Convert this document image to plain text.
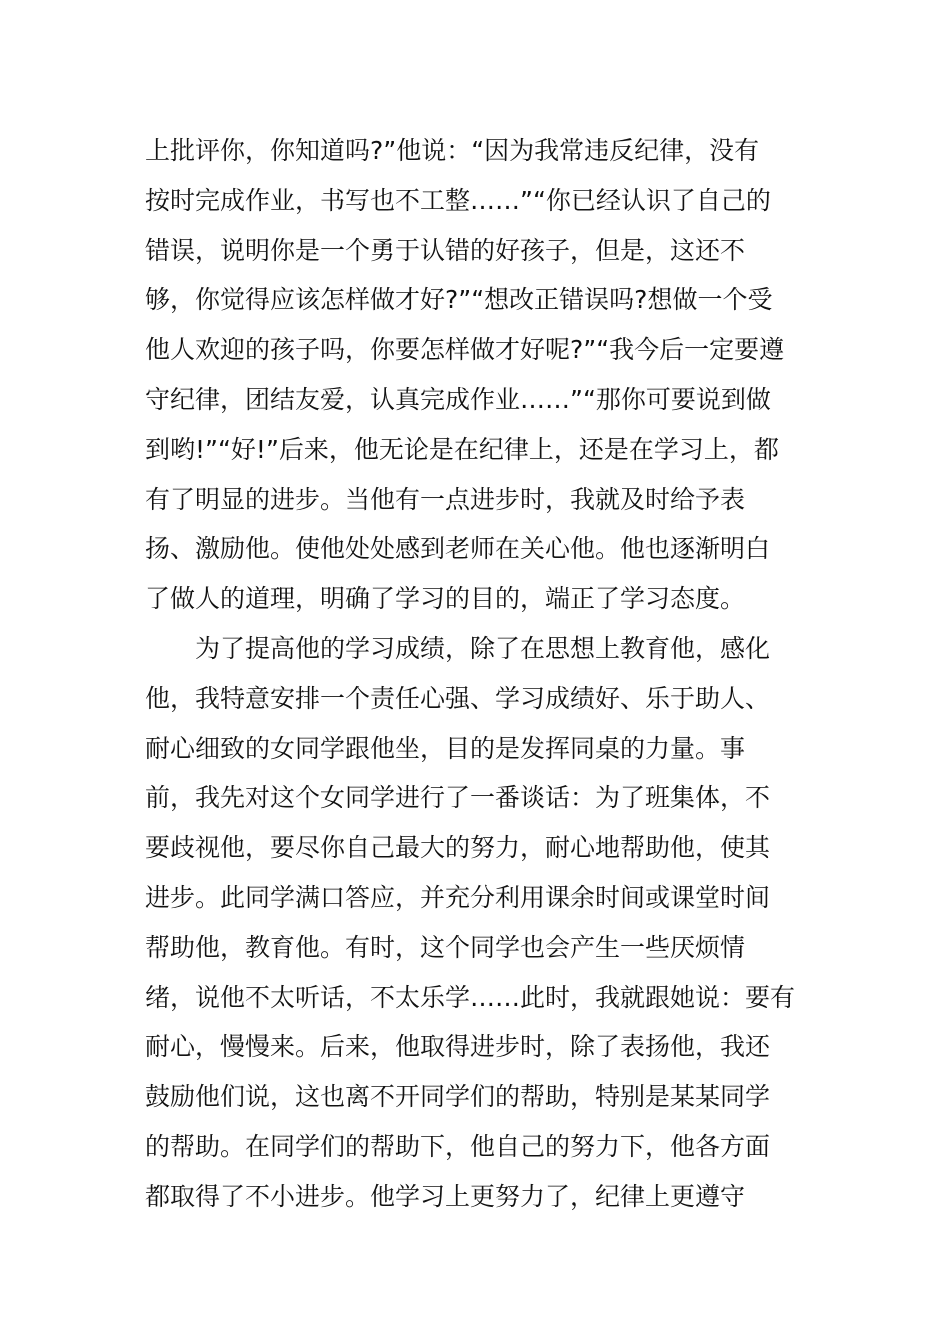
上批评你，你知道吗?”他说：“因为我常违反纪律，没有
按时完成作业，书写也不工整……”“你已经认识了自己的
错误，说明你是一个勇于认错的好孩子，但是，这还不
够，你觉得应该怎样做才好?”“想改正错误吗?想做一个受
他人欢迎的孩子吗，你要怎样做才好呢?”“我今后一定要遵
守纪律，团结友爱，认真完成作业……”“那你可要说到做
到哟!”“好!”后来，他无论是在纪律上，还是在学习上，都
有了明显的进步。当他有一点进步时，我就及时给予表
扬、激励他。使他处处感到老师在关心他。他也逐渐明白
了做人的道理，明确了学习的目的，端正了学习态度。
为了提高他的学习成绩，除了在思想上教育他，感化
他，我特意安排一个责任心强、学习成绩好、乐于助人、
耐心细致的女同学跟他坐，目的是发挥同桌的力量。事
前，我先对这个女同学进行了一番谈话：为了班集体，不
要歧视他，要尽你自己最大的努力，耐心地帮助他，使其
进步。此同学满口答应，并充分利用课余时间或课堂时间
帮助他，教育他。有时，这个同学也会产生一些厌烦情
绪，说他不太听话，不太乐学……此时，我就跟她说：要有
耐心，慢慢来。后来，他取得进步时，除了表扬他，我还
鼓励他们说，这也离不开同学们的帮助，特别是某某同学
的帮助。在同学们的帮助下，他自己的努力下，他各方面
都取得了不小进步。他学习上更努力了，纪律上更遵守
